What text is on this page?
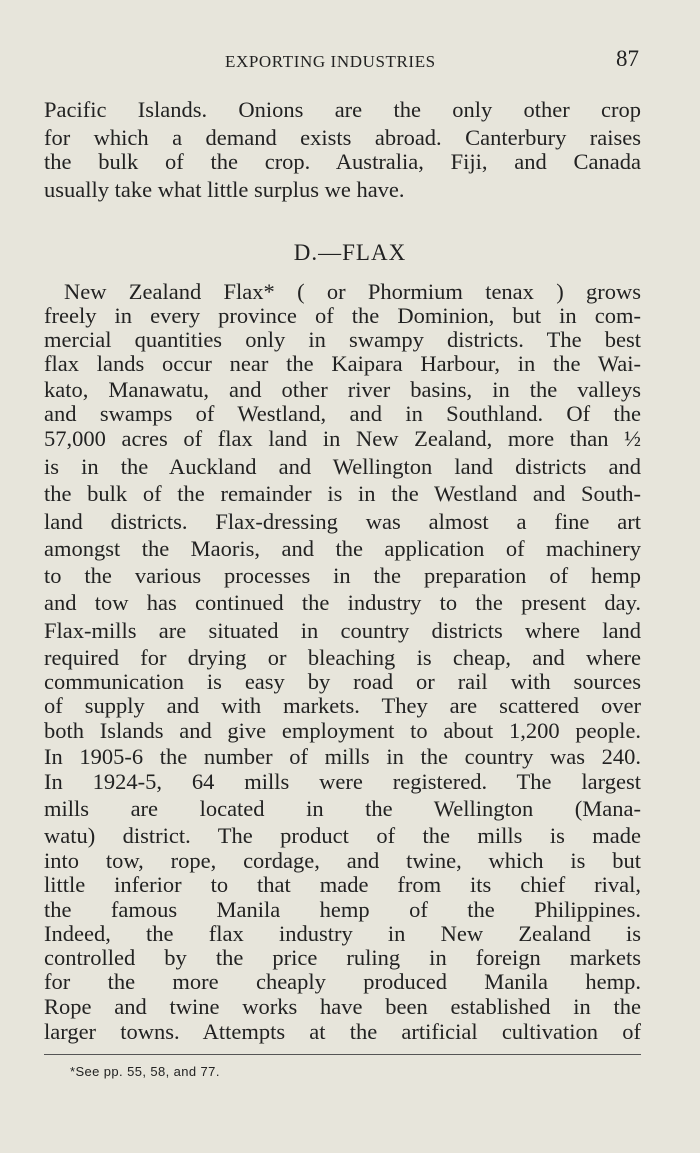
EXPORTING INDUSTRIES	87
Pacific Islands. Onions are the only other crop
for which a demand exists abroad. Canterbury raises
the bulk of the crop. Australia, Fiji, and Canada
usually take what little surplus we have.
D.—FLAX
New Zealand Flax* ( or Phormium tenax ) grows
freely in every province of the Dominion, but in com-
mercial quantities only in swampy districts. The best
flax lands occur near the Kaipara Harbour, in the Wai-
kato, Manawatu, and other river basins, in the valleys
and swamps of Westland, and in Southland. Of the
57,000 acres of flax land in New Zealand, more than ½
is in the Auckland and Wellington land districts and
the bulk of the remainder is in the Westland and South-
land districts. Flax-dressing was almost a fine art
amongst the Maoris, and the application of machinery
to the various processes in the preparation of hemp
and tow has continued the industry to the present day.
Flax-mills are situated in country districts where land
required for drying or bleaching is cheap, and where
communication is easy by road or rail with sources
of supply and with markets. They are scattered over
both Islands and give employment to about 1,200 people.
In 1905-6 the number of mills in the country was 240.
In 1924-5, 64 mills were registered. The largest
mills are located in the Wellington (Mana-
watu) district. The product of the mills is made
into tow, rope, cordage, and twine, which is but
little inferior to that made from its chief rival,
the famous Manila hemp of the Philippines.
Indeed, the flax industry in New Zealand is
controlled by the price ruling in foreign markets
for the more cheaply produced Manila hemp.
Rope and twine works have been established in the
larger towns. Attempts at the artificial cultivation of
*See pp. 55, 58, and 77.
